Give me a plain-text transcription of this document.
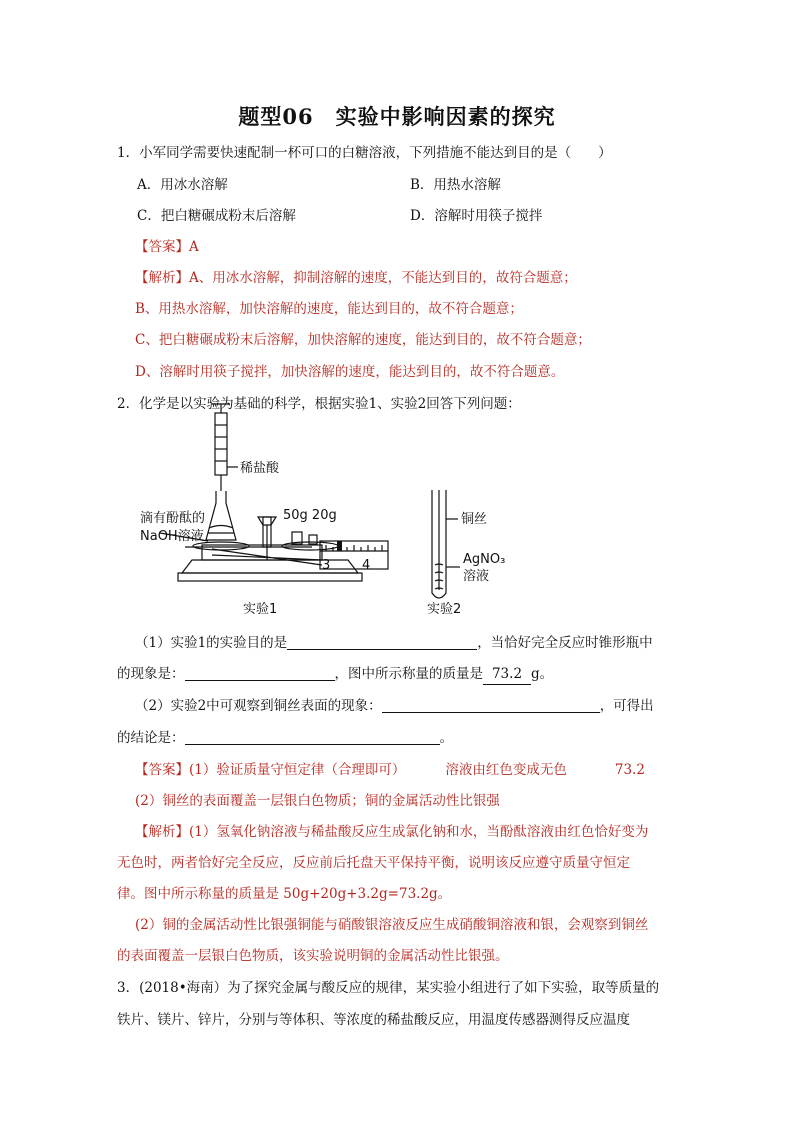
题型06　实验中影响因素的探究
1．小军同学需要快速配制一杯可口的白糖溶液，下列措施不能达到目的是（　　）
A．用冰水溶解	B．用热水溶解
C．把白糖碾成粉末后溶解	D．溶解时用筷子搅拌
【答案】A
【解析】A、用冰水溶解，抑制溶解的速度，不能达到目的，故符合题意；
B、用热水溶解，加快溶解的速度，能达到目的，故不符合题意；
C、把白糖碾成粉末后溶解，加快溶解的速度，能达到目的，故不符合题意；
D、溶解时用筷子搅拌，加快溶解的速度，能达到目的，故不符合题意。
2．化学是以实验为基础的科学，根据实验1、实验2回答下列问题：
稀盐酸
滴有酚酞的
NaOH溶液
50g 20g
3 4
实验1
铜丝
AgNO₃
溶液
实验2
（1）实验1的实验目的是	，当恰好完全反应时锥形瓶中
的现象是：	，图中所示称量的质量是 73.2 g。
（2）实验2中可观察到铜丝表面的现象：	，可得出
的结论是：	。
【答案】(1）验证质量守恒定律（合理即可）	溶液由红色变成无色	73.2
(2）铜丝的表面覆盖一层银白色物质；铜的金属活动性比银强
【解析】(1）氢氧化钠溶液与稀盐酸反应生成氯化钠和水，当酚酞溶液由红色恰好变为
无色时，两者恰好完全反应，反应前后托盘天平保持平衡，说明该反应遵守质量守恒定
律。图中所示称量的质量是 50g+20g+3.2g=73.2g。
(2）铜的金属活动性比银强铜能与硝酸银溶液反应生成硝酸铜溶液和银，会观察到铜丝
的表面覆盖一层银白色物质，该实验说明铜的金属活动性比银强。
3．(2018•海南）为了探究金属与酸反应的规律，某实验小组进行了如下实验，取等质量的
铁片、镁片、锌片，分别与等体积、等浓度的稀盐酸反应，用温度传感器测得反应温度
